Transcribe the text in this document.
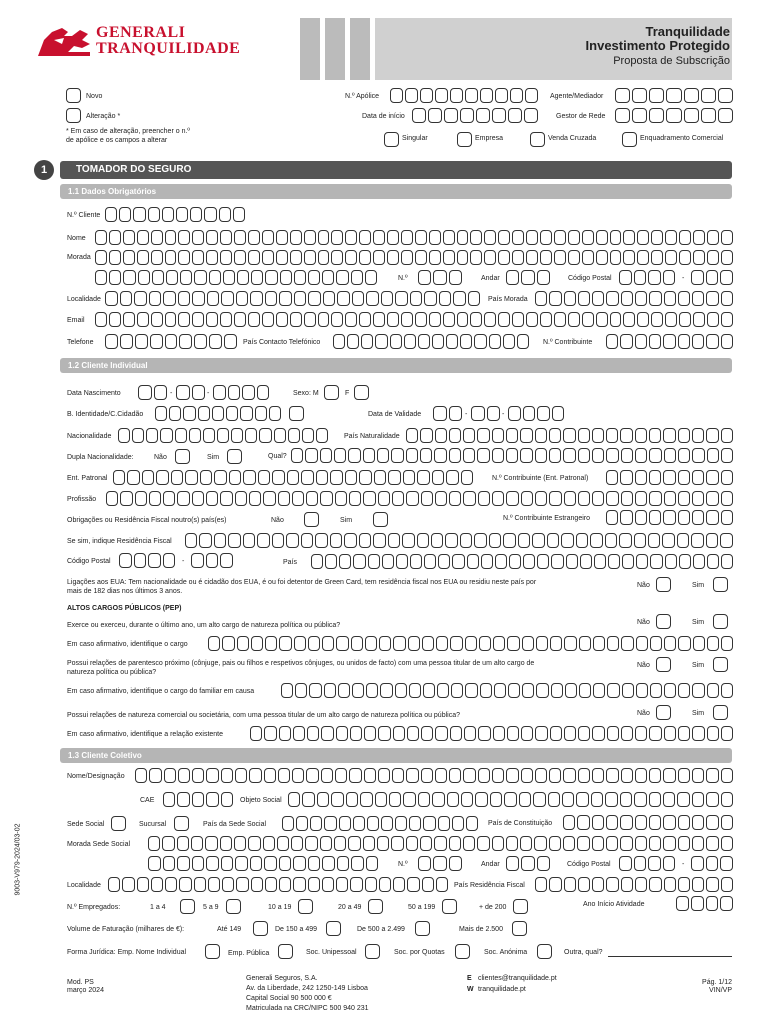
GENERALI
TRANQUILIDADE
Tranquilidade
Investimento Protegido
Proposta de Subscrição
Novo
Alteração *
* Em caso de alteração, preencher o n.º
de apólice e os campos a alterar
N.º Apólice
Data de início
Agente/Mediador
Gestor de Rede
Singular	Empresa	Venda Cruzada	Enquadramento Comercial
1	TOMADOR DO SEGURO
1.1 Dados Obrigatórios
N.º Cliente
Nome
Morada
N.º	Andar	Código Postal	-
Localidade	País Morada
Email
Telefone	País Contacto Telefónico	N.º Contribuinte
1.2 Cliente Individual
Data Nascimento	-	-	Sexo: M	F
B. Identidade/C.Cidadão	Data de Validade	-	-
Nacionalidade	País Naturalidade
Dupla Nacionalidade:	Não	Sim	Qual?
Ent. Patronal	N.º Contribuinte (Ent. Patronal)
Profissão
Obrigações ou Residência Fiscal noutro(s) país(es)	Não	Sim	N.º Contribuinte Estrangeiro
Se sim, indique Residência Fiscal
Código Postal	-	País
Ligações aos EUA: Tem nacionalidade ou é cidadão dos EUA, é ou foi detentor de Green Card, tem residência fiscal nos EUA ou residiu neste país por
mais de 182 dias nos últimos 3 anos.
Não	Sim
ALTOS CARGOS PÚBLICOS (PEP)
Exerce ou exerceu, durante o último ano, um alto cargo de natureza política ou pública?	Não	Sim
Em caso afirmativo, identifique o cargo
Possui relações de parentesco próximo (cônjuge, pais ou filhos e respetivos cônjuges, ou unidos de facto) com uma pessoa titular de um alto cargo de
natureza política ou pública?
Não	Sim
Em caso afirmativo, identifique o cargo do familiar em causa
Possui relações de natureza comercial ou societária, com uma pessoa titular de um alto cargo de natureza política ou pública?	Não	Sim
Em caso afirmativo, identifique a relação existente
1.3 Cliente Coletivo
Nome/Designação
CAE	Objeto Social
Sede Social	Sucursal	País da Sede Social	País de Constituição
Morada Sede Social
N.º	Andar	Código Postal	-
Localidade	País Residência Fiscal
N.º Empregados:	1 a 4	5 a 9	10 a 19	20 a 49	50 a 199	+ de 200	Ano Início Atividade
Volume de Faturação (milhares de €):	Até 149	De 150 a 499	De 500 a 2.499	Mais de 2.500
Forma Jurídica: Emp. Nome Individual	Emp. Pública	Soc. Unipessoal	Soc. por Quotas	Soc. Anónima	Outra, qual?
9003-V979-2024/03-02
Mod. PS
março 2024
Generali Seguros, S.A.
Av. da Liberdade, 242 1250-149 Lisboa
Capital Social 90 500 000 €
Matriculada na CRC/NIPC 500 940 231
E clientes@tranquilidade.pt
W tranquilidade.pt
Pág. 1/12
VIN/VP
